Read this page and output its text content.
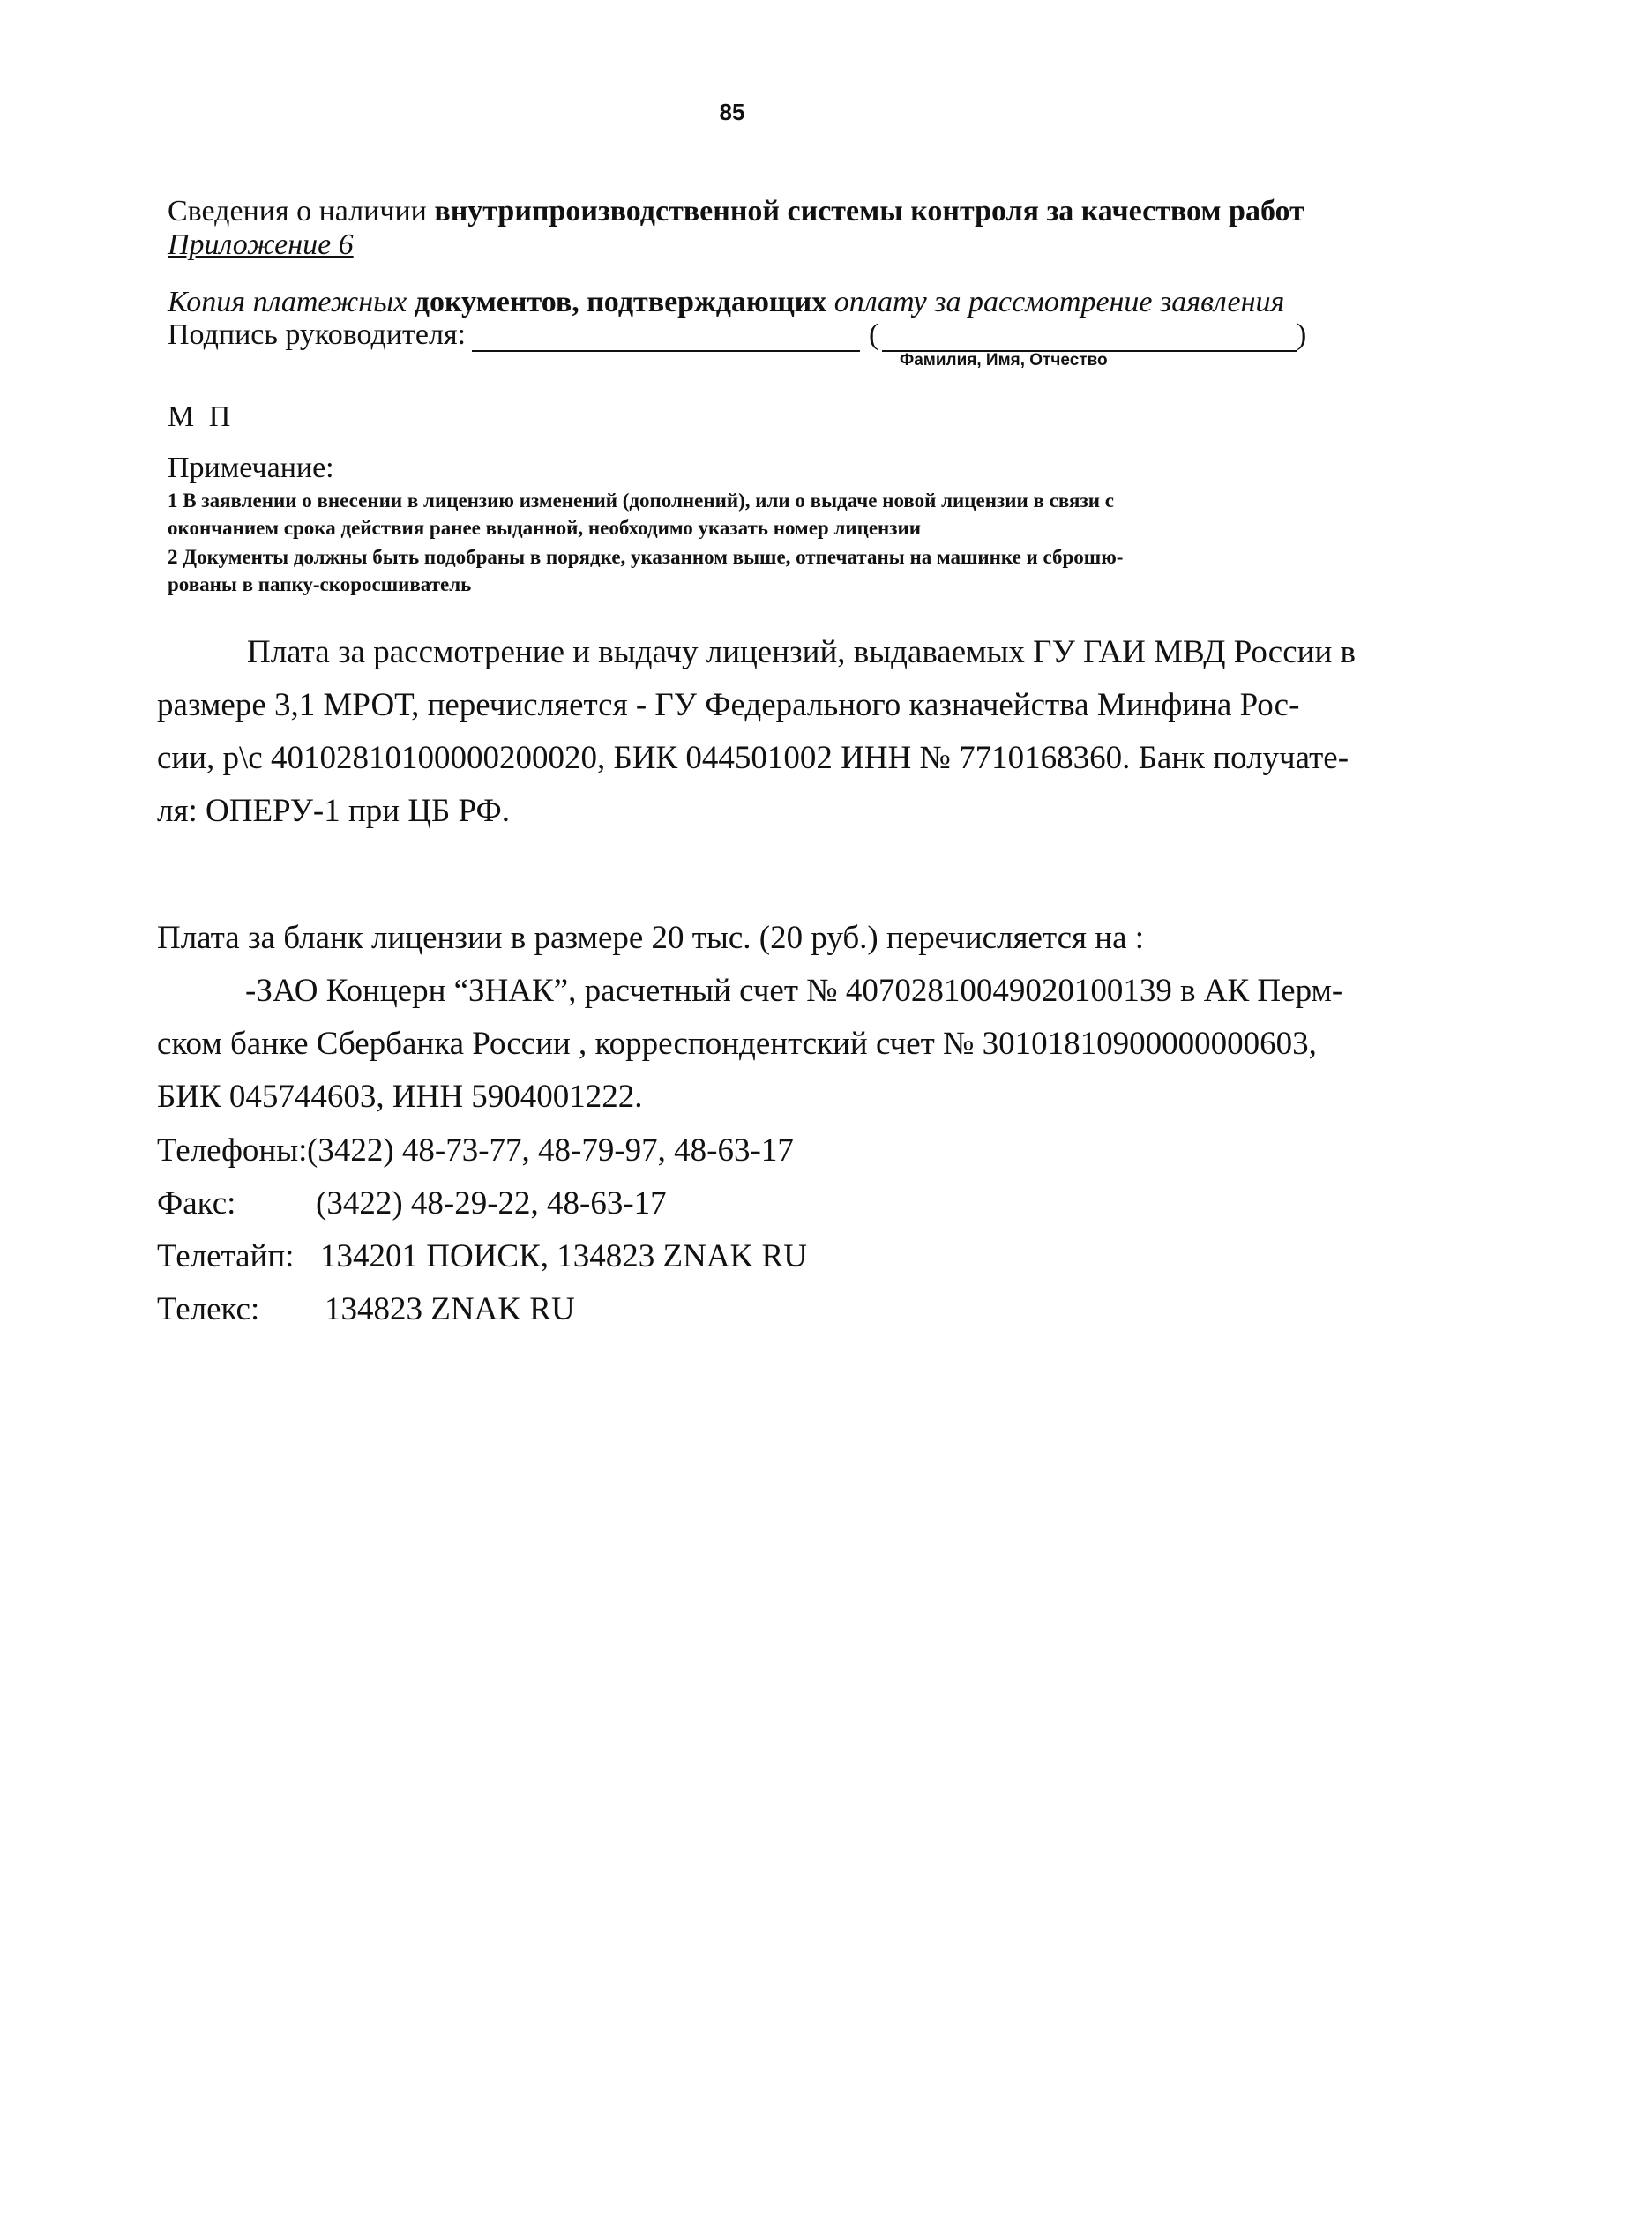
85
Сведения о наличии внутрипроизводственной системы контроля за качеством работ
Приложение 6
Копия платежных документов, подтверждающих оплату за рассмотрение заявления
Подпись руководителя:	(	)
Фамилия, Имя, Отчество
М П
Примечание:
1 В заявлении о внесении в лицензию изменений (дополнений), или о выдаче новой лицензии в связи с
окончанием срока действия ранее выданной, необходимо указать номер лицензии
2 Документы должны быть подобраны в порядке, указанном выше, отпечатаны на машинке и сброшю-
рованы в папку-скоросшиватель
Плата за рассмотрение и выдачу лицензий, выдаваемых ГУ ГАИ МВД России в
размере 3,1 МРОТ, перечисляется - ГУ Федерального казначейства Минфина Рос-
сии, р\с 40102810100000200020, БИК 044501002 ИНН № 7710168360. Банк получате-
ля: ОПЕРУ-1 при ЦБ РФ.
Плата за бланк лицензии в размере 20 тыс. (20 руб.) перечисляется на :
-ЗАО Концерн “ЗНАК”, расчетный счет № 40702810049020100139 в АК Перм-
ском банке Сбербанка России , корреспондентский счет № 30101810900000000603,
БИК 045744603, ИНН 5904001222.
Телефоны: (3422) 48-73-77, 48-79-97, 48-63-17
Факс: (3422) 48-29-22, 48-63-17
Телетайп: 134201 ПОИСК, 134823 ZNAK RU
Телекс: 134823 ZNAK RU
